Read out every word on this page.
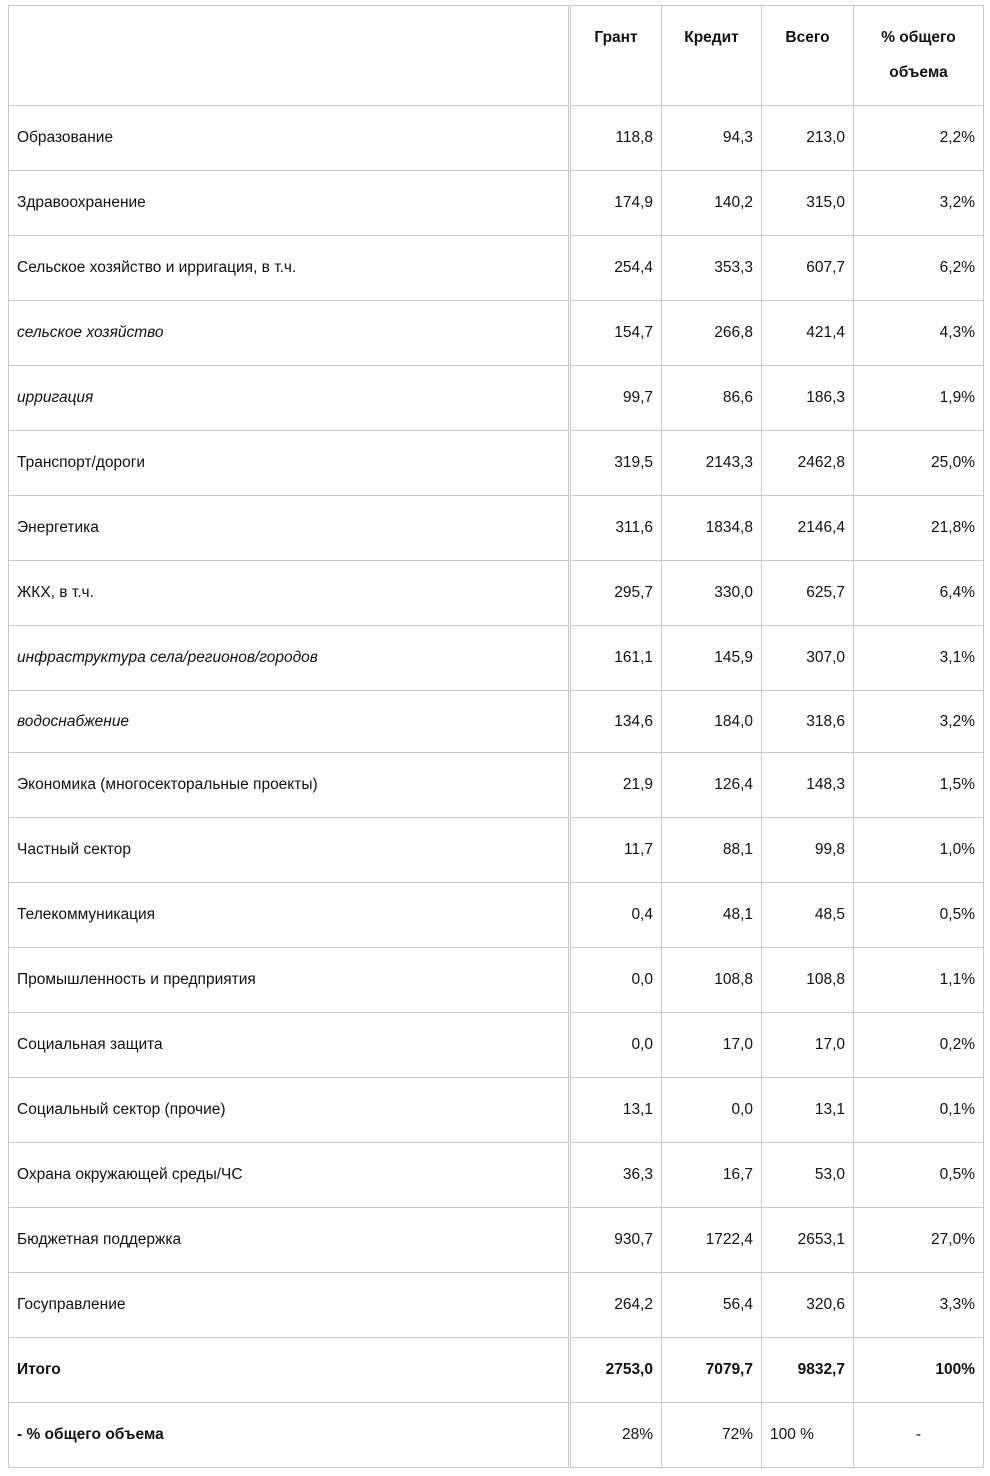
	Грант	Кредит	Всего	% общего объема
Образование	118,8	94,3	213,0	2,2%
Здравоохранение	174,9	140,2	315,0	3,2%
Сельское хозяйство и ирригация, в т.ч.	254,4	353,3	607,7	6,2%
сельское хозяйство	154,7	266,8	421,4	4,3%
ирригация	99,7	86,6	186,3	1,9%
Транспорт/дороги	319,5	2143,3	2462,8	25,0%
Энергетика	311,6	1834,8	2146,4	21,8%
ЖКХ, в т.ч.	295,7	330,0	625,7	6,4%
инфраструктура села/регионов/городов	161,1	145,9	307,0	3,1%
водоснабжение	134,6	184,0	318,6	3,2%
Экономика (многосекторальные проекты)	21,9	126,4	148,3	1,5%
Частный сектор	11,7	88,1	99,8	1,0%
Телекоммуникация	0,4	48,1	48,5	0,5%
Промышленность и предприятия	0,0	108,8	108,8	1,1%
Социальная защита	0,0	17,0	17,0	0,2%
Социальный сектор (прочие)	13,1	0,0	13,1	0,1%
Охрана окружающей среды/ЧС	36,3	16,7	53,0	0,5%
Бюджетная поддержка	930,7	1722,4	2653,1	27,0%
Госуправление	264,2	56,4	320,6	3,3%
Итого	2753,0	7079,7	9832,7	100%
- % общего объема	28%	72%	100 %	-
